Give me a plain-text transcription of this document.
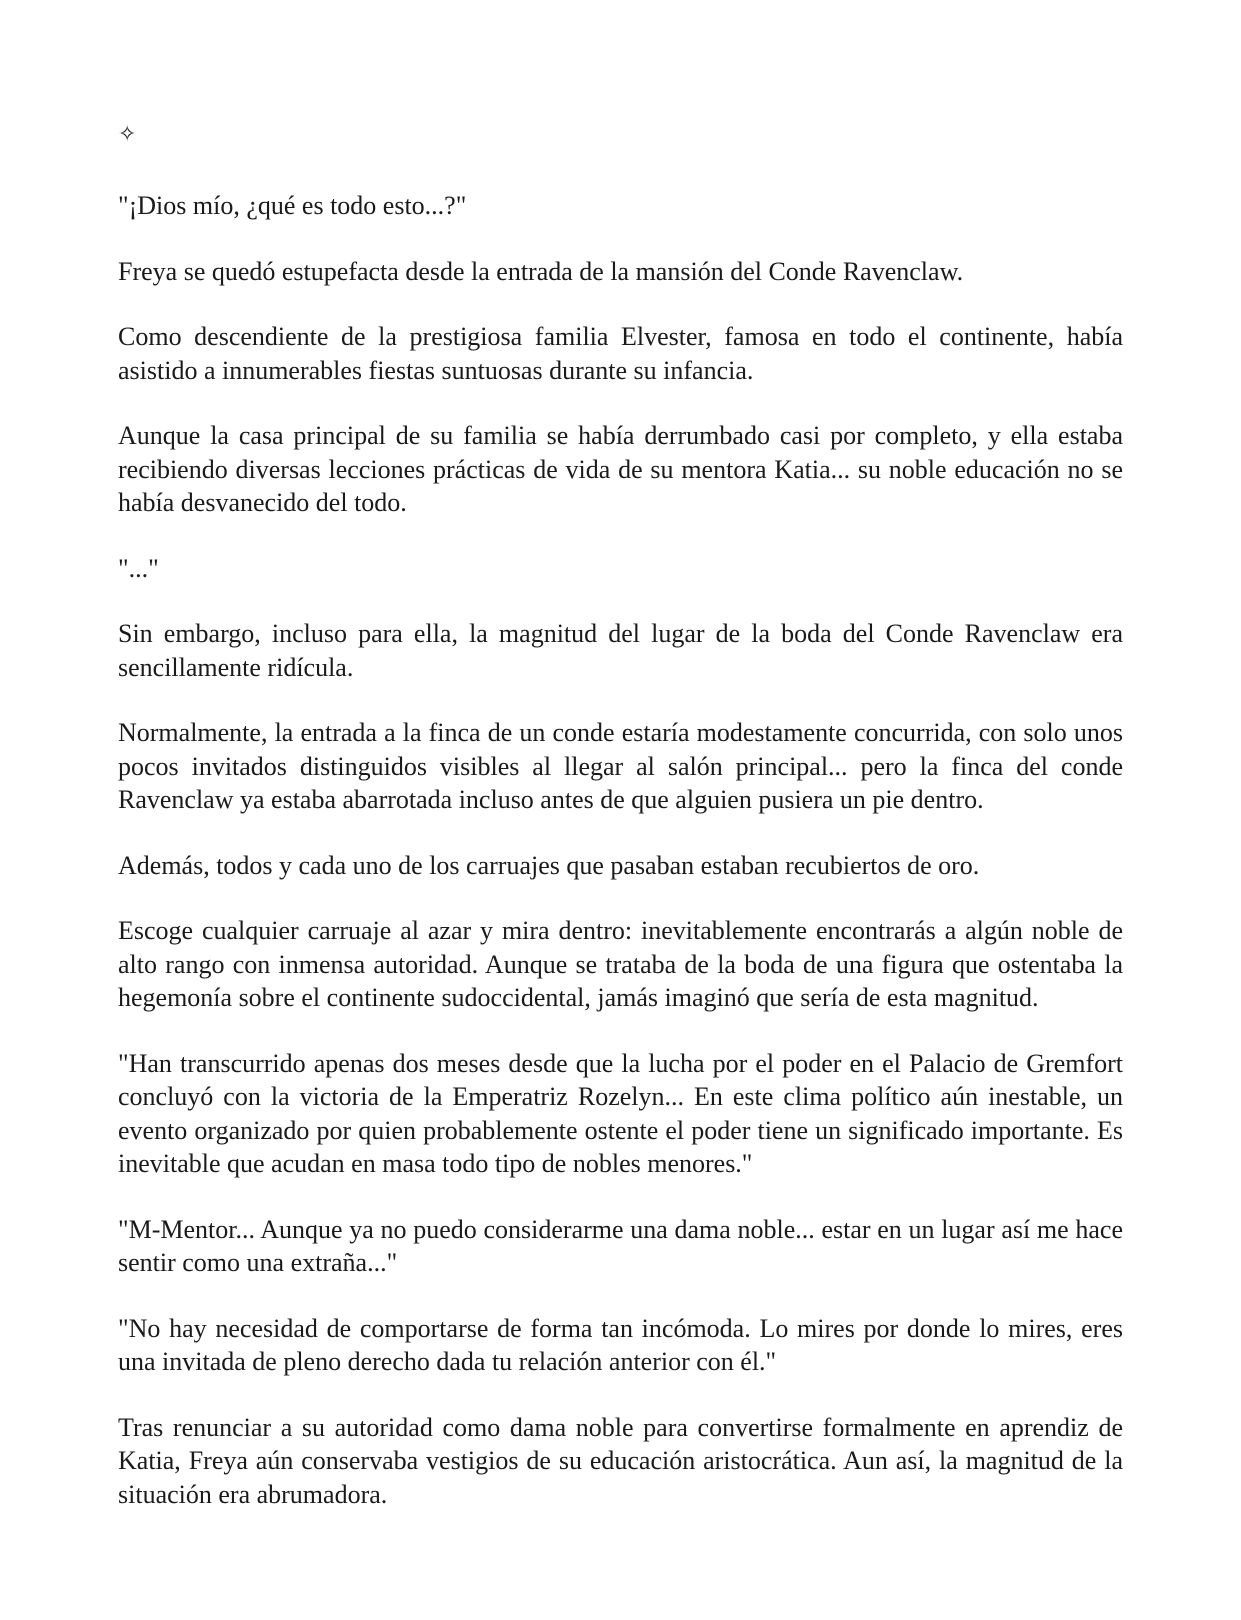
✧

"¡Dios mío, ¿qué es todo esto...?"

Freya se quedó estupefacta desde la entrada de la mansión del Conde Ravenclaw.

Como descendiente de la prestigiosa familia Elvester, famosa en todo el continente, había asistido a innumerables fiestas suntuosas durante su infancia.

Aunque la casa principal de su familia se había derrumbado casi por completo, y ella estaba recibiendo diversas lecciones prácticas de vida de su mentora Katia... su noble educación no se había desvanecido del todo.

"..."

Sin embargo, incluso para ella, la magnitud del lugar de la boda del Conde Ravenclaw era sencillamente ridícula.

Normalmente, la entrada a la finca de un conde estaría modestamente concurrida, con solo unos pocos invitados distinguidos visibles al llegar al salón principal... pero la finca del conde Ravenclaw ya estaba abarrotada incluso antes de que alguien pusiera un pie dentro.

Además, todos y cada uno de los carruajes que pasaban estaban recubiertos de oro.

Escoge cualquier carruaje al azar y mira dentro: inevitablemente encontrarás a algún noble de alto rango con inmensa autoridad. Aunque se trataba de la boda de una figura que ostentaba la hegemonía sobre el continente sudoccidental, jamás imaginó que sería de esta magnitud.

"Han transcurrido apenas dos meses desde que la lucha por el poder en el Palacio de Gremfort concluyó con la victoria de la Emperatriz Rozelyn... En este clima político aún inestable, un evento organizado por quien probablemente ostente el poder tiene un significado importante. Es inevitable que acudan en masa todo tipo de nobles menores."

"M-Mentor... Aunque ya no puedo considerarme una dama noble... estar en un lugar así me hace sentir como una extraña..."

"No hay necesidad de comportarse de forma tan incómoda. Lo mires por donde lo mires, eres una invitada de pleno derecho dada tu relación anterior con él."

Tras renunciar a su autoridad como dama noble para convertirse formalmente en aprendiz de Katia, Freya aún conservaba vestigios de su educación aristocrática. Aun así, la magnitud de la situación era abrumadora.
